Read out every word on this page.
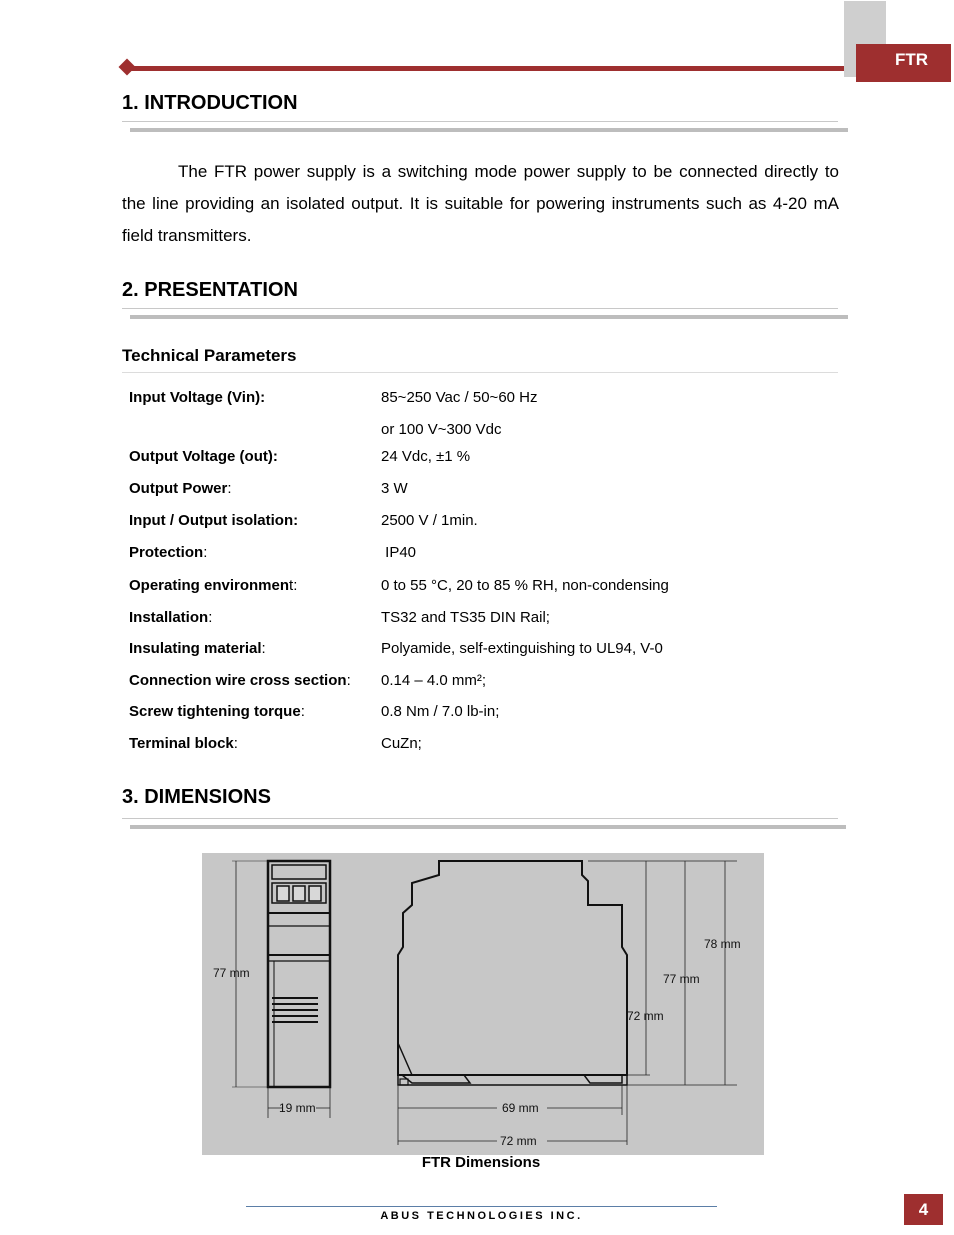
FTR
1. INTRODUCTION
The FTR power supply is a switching mode power supply to be connected directly to the line providing an isolated output. It is suitable for powering instruments such as 4-20 mA field transmitters.
2. PRESENTATION
Technical Parameters
Input Voltage (Vin):	85~250 Vac / 50~60 Hz
or 100 V~300 Vdc
Output Voltage (out):	24 Vdc, ±1 %
Output Power:	3 W
Input / Output isolation:	2500 V / 1min.
Protection:	IP40
Operating environment:	0 to 55 °C, 20 to 85 % RH, non-condensing
Installation:	TS32 and TS35 DIN Rail;
Insulating material:	Polyamide, self-extinguishing to UL94, V-0
Connection wire cross section: 0.14 – 4.0 mm²;
Screw tightening torque:	0.8 Nm / 7.0 lb-in;
Terminal block:	CuZn;
3. DIMENSIONS
77 mm
19 mm
78 mm
77 mm
72 mm
69 mm
72 mm
FTR Dimensions
ABUS TECHNOLOGIES INC.	4
